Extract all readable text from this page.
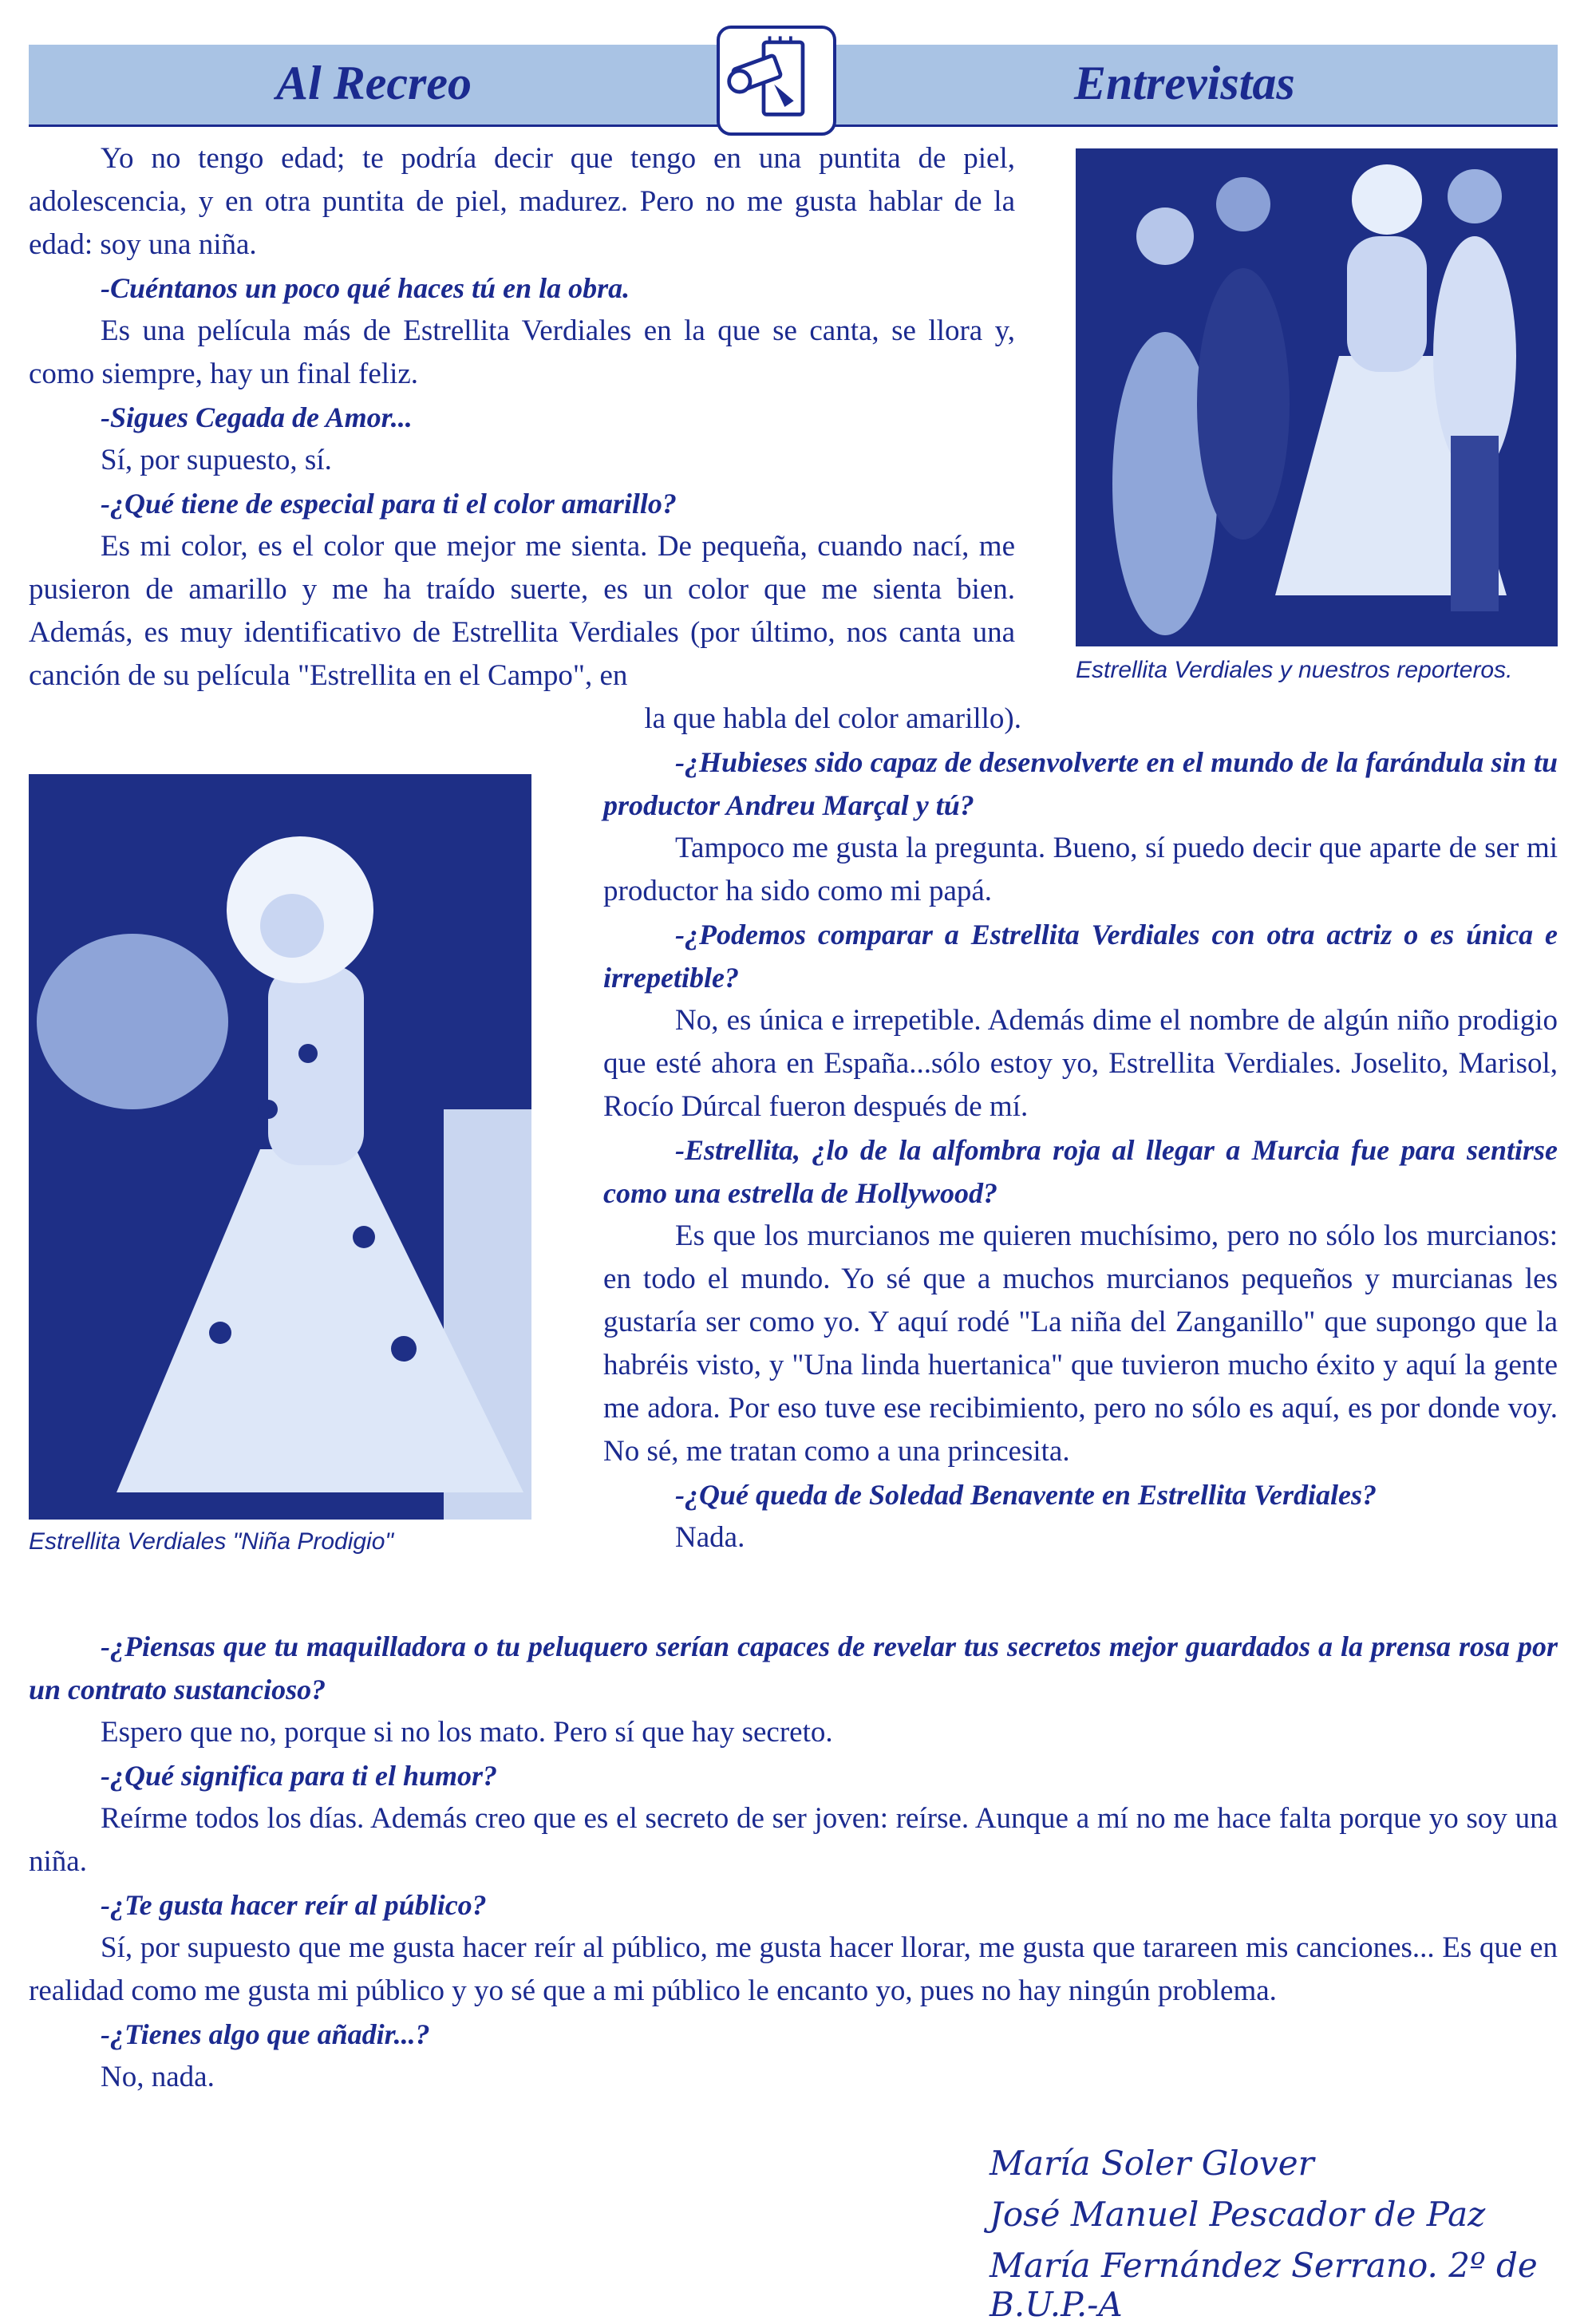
Al Recreo	Entrevistas

Yo no tengo edad; te podría decir que tengo en una puntita de piel, adolescencia, y en otra puntita de piel, madurez. Pero no me gusta hablar de la edad: soy una niña.

-Cuéntanos un poco qué haces tú en la obra.

Es una película más de Estrellita Verdiales en la que se canta, se llora y, como siempre, hay un final feliz.

-Sigues Cegada de Amor...

Sí, por supuesto, sí.

-¿Qué tiene de especial para ti el color amarillo?

Es mi color, es el color que mejor me sienta. De pequeña, cuando nací, me pusieron de amarillo y me ha traído suerte, es un color que me sienta bien. Además, es muy identificativo de Estrellita Verdiales (por último, nos canta una canción de su película "Estrellita en el Campo", en

la que habla del color amarillo).
Estrellita Verdiales y nuestros reporteros.
Estrellita Verdiales "Niña Prodigio"

-¿Hubieses sido capaz de desenvolverte en el mundo de la farándula sin tu productor Andreu Marçal y tú?

Tampoco me gusta la pregunta. Bueno, sí puedo decir que aparte de ser mi productor ha sido como mi papá.

-¿Podemos comparar a Estrellita Verdiales con otra actriz o es única e irrepetible?

No, es única e irrepetible. Además dime el nombre de algún niño prodigio que esté ahora en España...sólo estoy yo, Estrellita Verdiales. Joselito, Marisol, Rocío Dúrcal fueron después de mí.

-Estrellita, ¿lo de la alfombra roja al llegar a Murcia fue para sentirse como una estrella de Hollywood?

Es que los murcianos me quieren muchísimo, pero no sólo los murcianos: en todo el mundo. Yo sé que a muchos murcianos pequeños y murcianas les gustaría ser como yo. Y aquí rodé "La niña del Zanganillo" que supongo que la habréis visto, y "Una linda huertanica" que tuvieron mucho éxito y aquí la gente me adora. Por eso tuve ese recibimiento, pero no sólo es aquí, es por donde voy. No sé, me tratan como a una princesita.

-¿Qué queda de Soledad Benavente en Estrellita Verdiales?

Nada.

-¿Piensas que tu maquilladora o tu peluquero serían capaces de revelar tus secretos mejor guardados a la prensa rosa por un contrato sustancioso?

Espero que no, porque si no los mato. Pero sí que hay secreto.

-¿Qué significa para ti el humor?

Reírme todos los días. Además creo que es el secreto de ser joven: reírse. Aunque a mí no me hace falta porque yo soy una niña.

-¿Te gusta hacer reír al público?

Sí, por supuesto que me gusta hacer reír al público, me gusta hacer llorar, me gusta que tarareen mis canciones... Es que en realidad como me gusta mi público y yo sé que a mi público le encanto yo, pues no hay ningún problema.

-¿Tienes algo que añadir...?

No, nada.

María Soler Glover
José Manuel Pescador de Paz
María Fernández Serrano. 2º de B.U.P.-A
